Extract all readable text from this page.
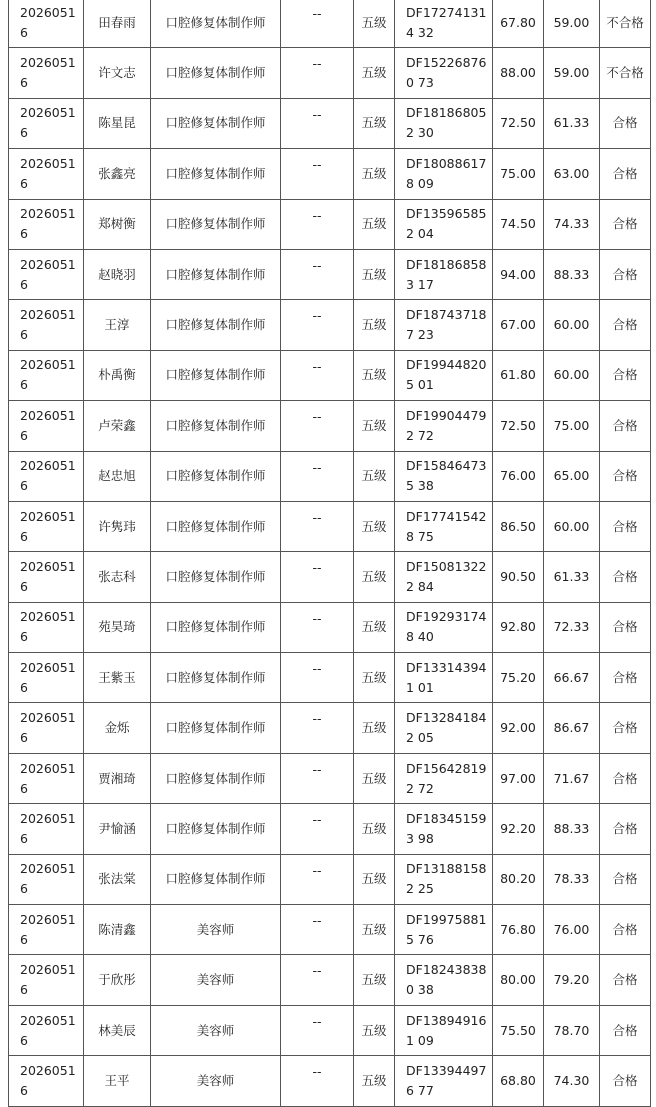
20260516	田春雨	口腔修复体制作师	--	五级	DF172741314 32	67.80	59.00	不合格

20260516	许文志	口腔修复体制作师	--	五级	DF152268760 73	88.00	59.00	不合格

20260516	陈星昆	口腔修复体制作师	--	五级	DF181868052 30	72.50	61.33	合格

20260516	张鑫亮	口腔修复体制作师	--	五级	DF180886178 09	75.00	63.00	合格

20260516	郑树衡	口腔修复体制作师	--	五级	DF135965852 04	74.50	74.33	合格

20260516	赵晓羽	口腔修复体制作师	--	五级	DF181868583 17	94.00	88.33	合格

20260516	王淳	口腔修复体制作师	--	五级	DF187437187 23	67.00	60.00	合格

20260516	朴禹衡	口腔修复体制作师	--	五级	DF199448205 01	61.80	60.00	合格

20260516	卢荣鑫	口腔修复体制作师	--	五级	DF199044792 72	72.50	75.00	合格

20260516	赵忠旭	口腔修复体制作师	--	五级	DF158464735 38	76.00	65.00	合格

20260516	许隽玮	口腔修复体制作师	--	五级	DF177415428 75	86.50	60.00	合格

20260516	张志科	口腔修复体制作师	--	五级	DF150813222 84	90.50	61.33	合格

20260516	苑昊琦	口腔修复体制作师	--	五级	DF192931748 40	92.80	72.33	合格

20260516	王紫玉	口腔修复体制作师	--	五级	DF133143941 01	75.20	66.67	合格

20260516	金烁	口腔修复体制作师	--	五级	DF132841842 05	92.00	86.67	合格

20260516	贾湘琦	口腔修复体制作师	--	五级	DF156428192 72	97.00	71.67	合格

20260516	尹愉涵	口腔修复体制作师	--	五级	DF183451593 98	92.20	88.33	合格

20260516	张法棠	口腔修复体制作师	--	五级	DF131881582 25	80.20	78.33	合格

20260516	陈清鑫	美容师	--	五级	DF199758815 76	76.80	76.00	合格

20260516	于欣彤	美容师	--	五级	DF182438380 38	80.00	79.20	合格

20260516	林美辰	美容师	--	五级	DF138949161 09	75.50	78.70	合格

20260516	王平	美容师	--	五级	DF133944976 77	68.80	74.30	合格
